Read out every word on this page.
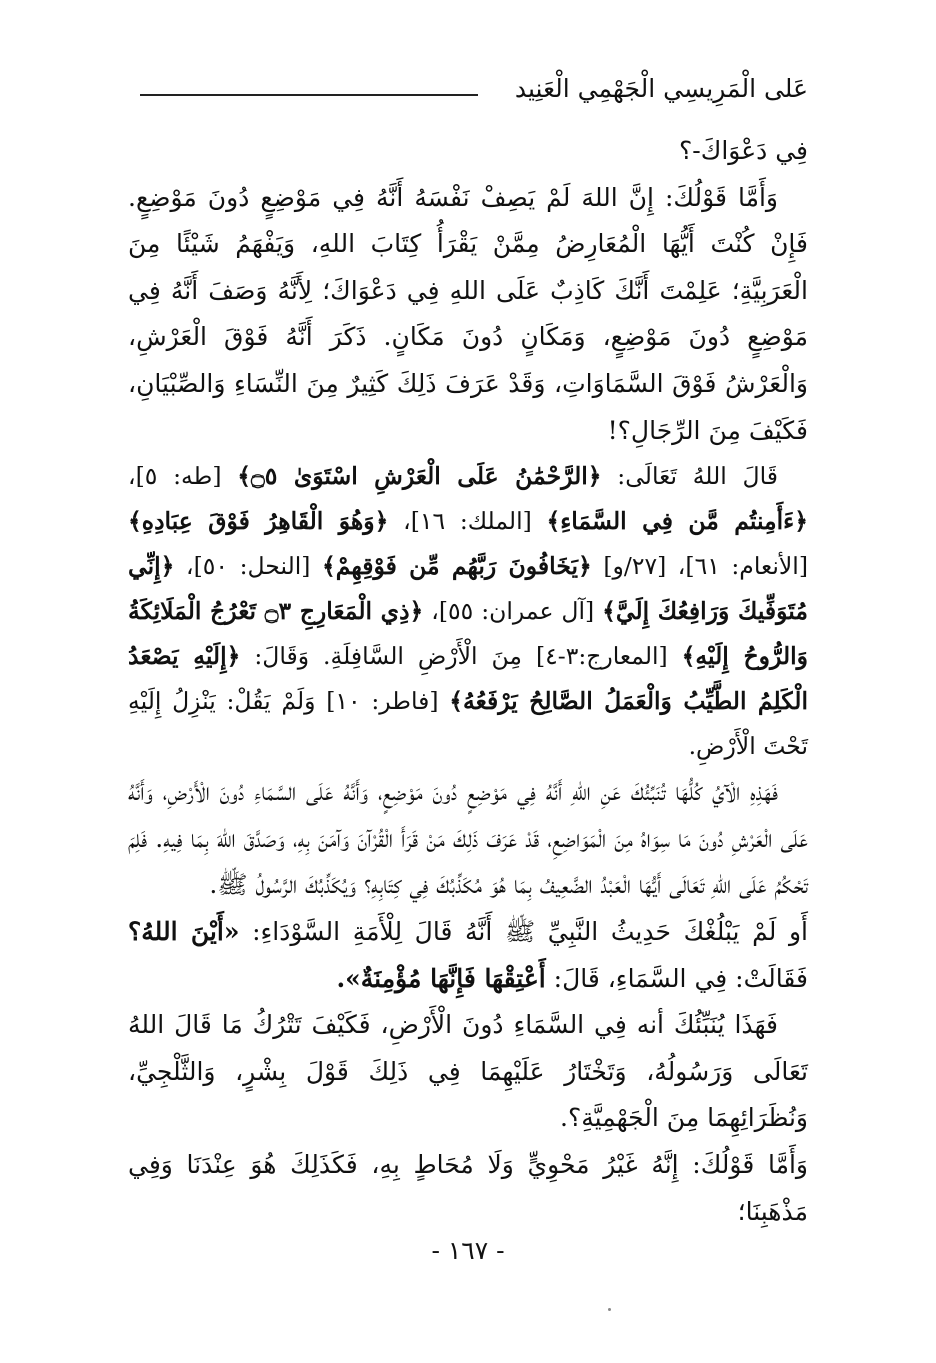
عَلى الْمَرِيسِي الْجَهْمِي الْعَنِيد

فِي دَعْوَاكَ-؟

وَأَمَّا قَوْلُكَ: إِنَّ اللهَ لَمْ يَصِفْ نَفْسَهُ أَنَّهُ فِي مَوْضِعٍ دُونَ مَوْضِعٍ. فَإِنْ كُنْتَ أَيُّهَا الْمُعَارِضُ مِمَّنْ يَقْرَأُ كِتَابَ اللهِ، وَيَفْهَمُ شَيْئًا مِنَ الْعَرَبِيَّةِ؛ عَلِمْتَ أَنَّكَ كَاذِبٌ عَلَى اللهِ فِي دَعْوَاكَ؛ لِأَنَّهُ وَصَفَ أَنَّهُ فِي مَوْضِعٍ دُونَ مَوْضِعٍ، وَمَكَانٍ دُونَ مَكَانٍ. ذَكَرَ أَنَّهُ فَوْقَ الْعَرْشِ، وَالْعَرْشُ فَوْقَ السَّمَاوَاتِ، وَقَدْ عَرَفَ ذَلِكَ كَثِيرٌ مِنَ النِّسَاءِ وَالصِّبْيَانِ، فَكَيْفَ مِنَ الرِّجَالِ؟!

قَالَ اللهُ تَعَالَى: ﴿الرَّحْمَٰنُ عَلَى الْعَرْشِ اسْتَوَىٰ ۝٥﴾ [طه: ٥]، ﴿ءَأَمِنتُم مَّن فِي السَّمَاءِ﴾ [الملك: ١٦]، ﴿وَهُوَ الْقَاهِرُ فَوْقَ عِبَادِهِ﴾ [الأنعام: ٦١]، [٢٧/و] ﴿يَخَافُونَ رَبَّهُم مِّن فَوْقِهِمْ﴾ [النحل: ٥٠]، ﴿إِنِّي مُتَوَفِّيكَ وَرَافِعُكَ إِلَيَّ﴾ [آل عمران: ٥٥]، ﴿ذِي الْمَعَارِجِ ۝٣ تَعْرُجُ الْمَلَائِكَةُ وَالرُّوحُ إِلَيْهِ﴾ [المعارج:٣-٤] مِنَ الْأَرْضِ السَّافِلَةِ. وَقَالَ: ﴿إِلَيْهِ يَصْعَدُ الْكَلِمُ الطَّيِّبُ وَالْعَمَلُ الصَّالِحُ يَرْفَعُهُ﴾ [فاطر: ١٠] وَلَمْ يَقُلْ: يَنْزِلُ إِلَيْهِ تَحْتَ الْأَرْضِ.

فَهَذِهِ الْآيُ كُلُّهَا تُنَبِّئُكَ عَنِ اللهِ أَنَّهُ فِي مَوْضِعٍ دُونَ مَوْضِعٍ، وَأَنَّهُ عَلَى السَّمَاءِ دُونَ الْأَرْضِ، وَأَنَّهُ عَلَى الْعَرْشِ دُونَ مَا سِوَاهُ مِنَ الْمَوَاضِعِ، قَدْ عَرَفَ ذَلِكَ مَنْ قَرَأَ الْقُرْآنَ وَآمَنَ بِهِ، وَصَدَّقَ اللهَ بِمَا فِيهِ. فَلِمَ تَحْكُمُ عَلَى اللهِ تَعَالَى أَيُّهَا الْعَبْدُ الضَّعِيفُ بِمَا هُوَ مُكَذِّبُكَ فِي كِتَابِهِ؟ وَيُكَذِّبُكَ الرَّسُولُ ﷺ.

أَو لَمْ يَبْلُغْكَ حَدِيثُ النَّبِيِّ ﷺ أَنَّهُ قَالَ لِلْأَمَةِ السَّوْدَاءِ: «أَيْنَ اللهُ؟ فَقَالَتْ: فِي السَّمَاءِ، قَالَ: أَعْتِقْهَا فَإِنَّهَا مُؤْمِنَةٌ».

فَهَذَا يُنَبِّئُكَ أنه فِي السَّمَاءِ دُونَ الْأَرْضِ، فَكَيْفَ تَتْرُكُ مَا قَالَ اللهُ تَعَالَى وَرَسُولُهُ، وَتَخْتَارُ عَلَيْهِمَا فِي ذَلِكَ قَوْلَ بِشْرٍ، وَالثَّلْجِيِّ، وَنُظَرَائِهِمَا مِنَ الْجَهْمِيَّةِ؟.

وَأَمَّا قَوْلُكَ: إِنَّهُ غَيْرُ مَحْوِيٍّ وَلَا مُحَاطٍ بِهِ، فَكَذَلِكَ هُوَ عِنْدَنَا وَفِي مَذْهَبِنَا؛

- ١٦٧ -
